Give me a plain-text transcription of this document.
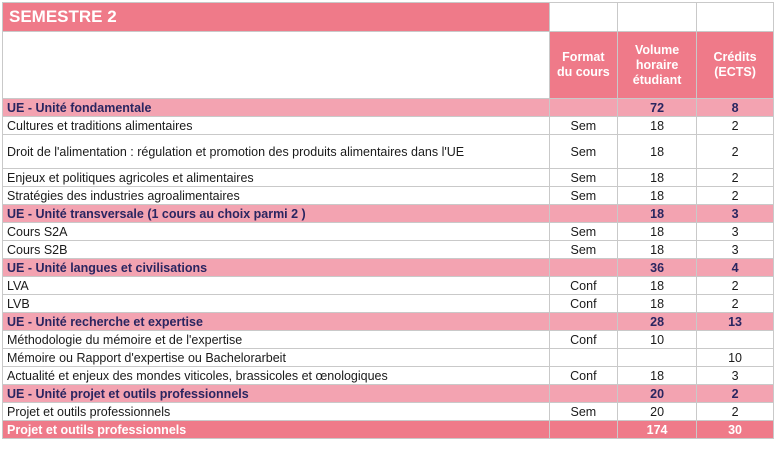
SEMESTRE 2			
	Format du cours	Volume horaire étudiant	Crédits (ECTS)
UE - Unité fondamentale		72	8
Cultures et traditions alimentaires	Sem	18	2
Droit de l'alimentation : régulation et promotion des produits alimentaires dans l'UE	Sem	18	2
Enjeux et politiques agricoles et alimentaires	Sem	18	2
Stratégies des industries agroalimentaires	Sem	18	2
UE - Unité transversale (1 cours au choix parmi 2 )		18	3
Cours S2A	Sem	18	3
Cours S2B	Sem	18	3
UE - Unité langues et civilisations		36	4
LVA	Conf	18	2
LVB	Conf	18	2
UE - Unité recherche et expertise		28	13
Méthodologie du mémoire et de l'expertise	Conf	10	
Mémoire ou Rapport d'expertise ou Bachelorarbeit			10
Actualité et enjeux des mondes viticoles, brassicoles et œnologiques	Conf	18	3
UE - Unité projet et outils professionnels		20	2
Projet et outils professionnels	Sem	20	2
Projet et outils professionnels		174	30
